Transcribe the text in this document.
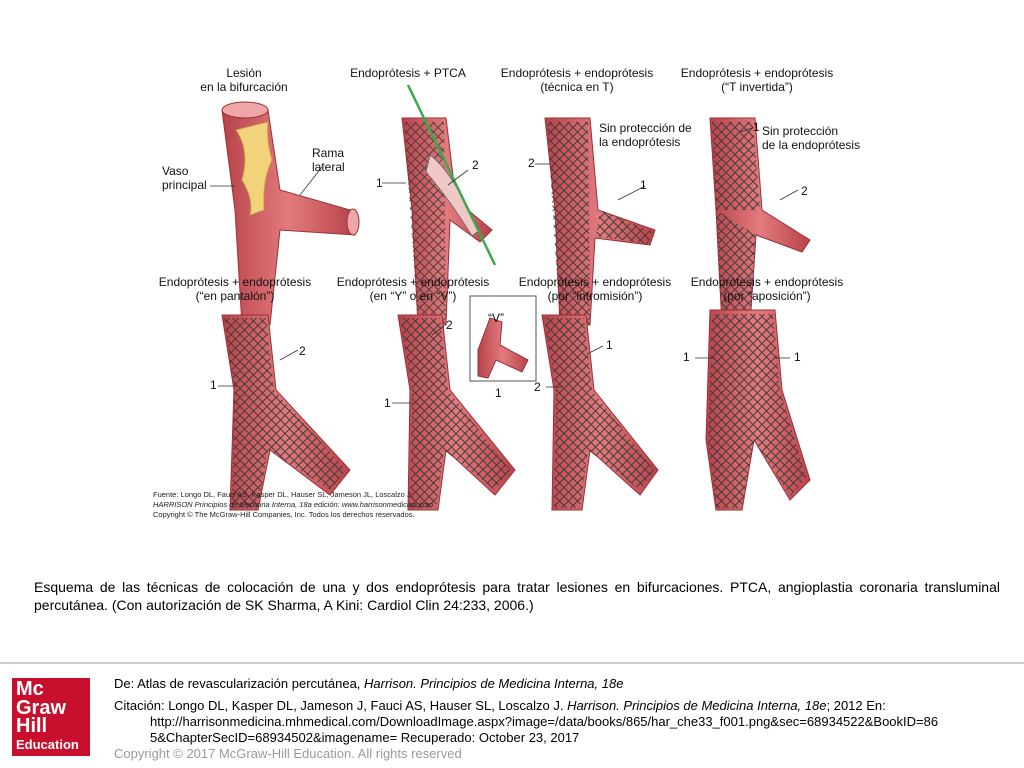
Lesión
en la bifurcación
Vaso
principal
Rama
lateral
Endoprótesis + PTCA
1
2
Endoprótesis + endoprótesis
(técnica en T)
Sin protección de
la endoprótesis
2
1
Endoprótesis + endoprótesis
(“T invertida”)
Sin protección
de la endoprótesis
1
2
Endoprótesis + endoprótesis
(“en pantalón”)
2
1
Endoprótesis + endoprótesis
(en “Y” o en “V”)
“V”
2
1
1
Endoprótesis + endoprótesis
(por “intromisión”)
1
2
Endoprótesis + endoprótesis
(por “aposición”)
1	1
Fuente: Longo DL, Fauci AS, Kasper DL, Hauser SL, Jameson JL, Loscalzo J:
HARRISON Principios de Medicina Interna, 18a edición: www.harrisonmedicina.com
Copyright © The McGraw-Hill Companies, Inc. Todos los derechos reservados.
Esquema de las técnicas de colocación de una y dos endoprótesis para tratar lesiones en bifurcaciones. PTCA, angioplastia coronaria transluminal percutánea. (Con autorización de SK Sharma, A Kini: Cardiol Clin 24:233, 2006.)
Mc
Graw
Hill
Education
De: Atlas de revascularización percutánea, Harrison. Principios de Medicina Interna, 18e
Citación: Longo DL, Kasper DL, Jameson J, Fauci AS, Hauser SL, Loscalzo J. Harrison. Principios de Medicina Interna, 18e; 2012 En:
http://harrisonmedicina.mhmedical.com/DownloadImage.aspx?image=/data/books/865/har_che33_f001.png&sec=68934522&BookID=86
5&ChapterSecID=68934502&imagename= Recuperado: October 23, 2017
Copyright © 2017 McGraw-Hill Education. All rights reserved
